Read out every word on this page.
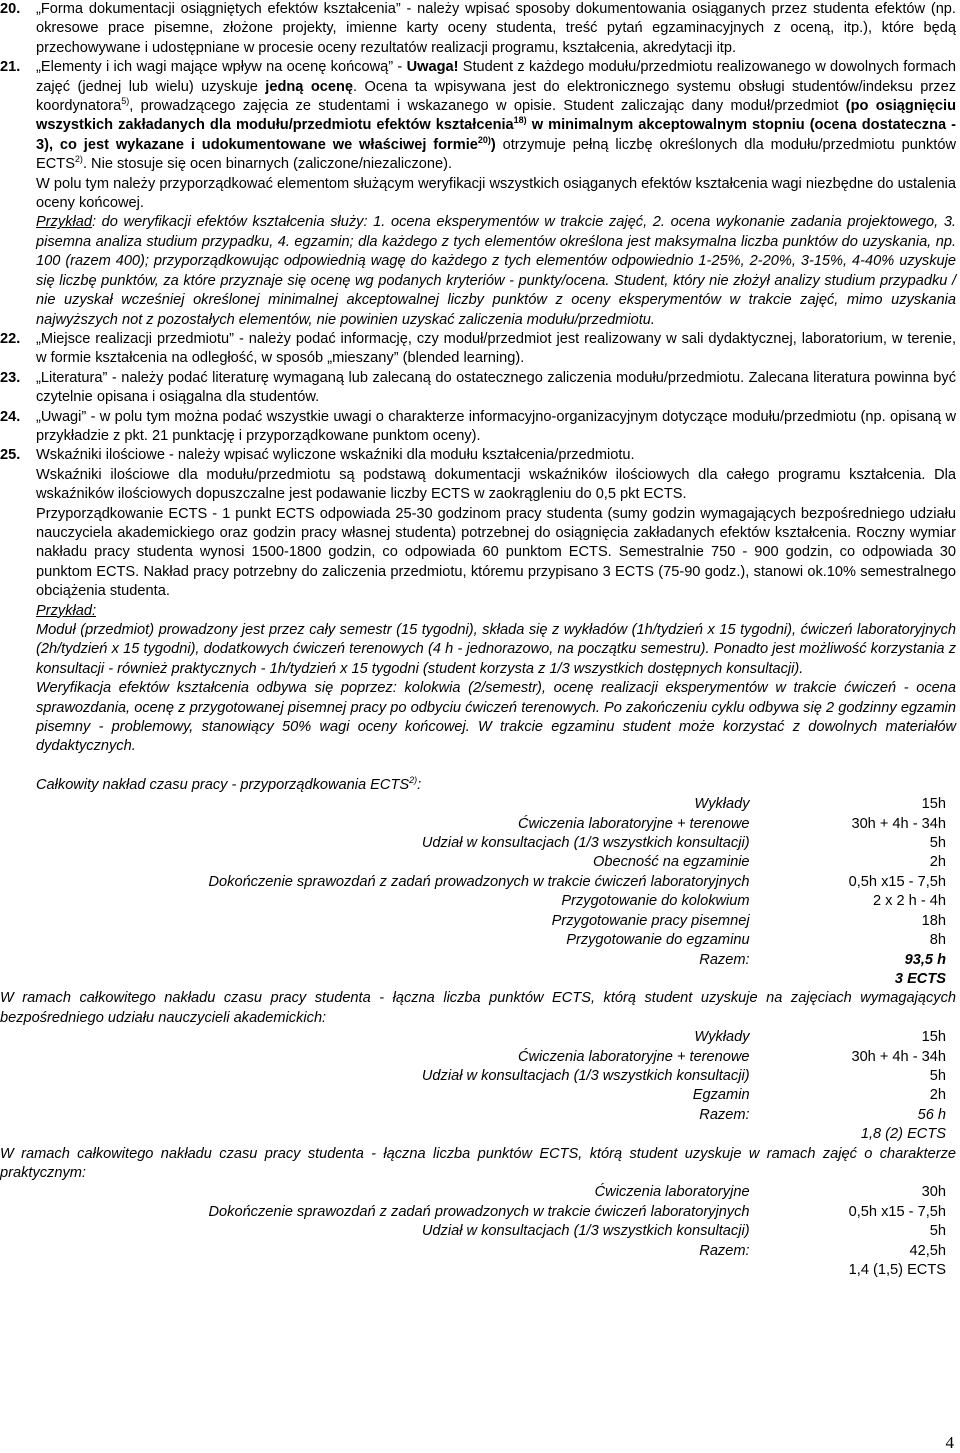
20.	„Forma dokumentacji osiągniętych efektów kształcenia” - należy wpisać sposoby dokumentowania osiąganych przez studenta efektów (np. okresowe prace pisemne, złożone projekty, imienne karty oceny studenta, treść pytań egzaminacyjnych z oceną, itp.), które będą przechowywane i udostępniane w procesie oceny rezultatów realizacji programu, kształcenia, akredytacji itp.

21.	„Elementy i ich wagi mające wpływ na ocenę końcową” - Uwaga! Student z każdego modułu/przedmiotu realizowanego w dowolnych formach zajęć (jednej lub wielu) uzyskuje jedną ocenę. Ocena ta wpisywana jest do elektronicznego systemu obsługi studentów/indeksu przez koordynatora$^{5)}$, prowadzącego zajęcia ze studentami i wskazanego w opisie. Student zaliczając dany moduł/przedmiot (po osiągnięciu wszystkich zakładanych dla modułu/przedmiotu efektów kształcenia$^{18)}$ w minimalnym akceptowalnym stopniu (ocena dostateczna - 3), co jest wykazane i udokumentowane we właściwej formie$^{20)}$) otrzymuje pełną liczbę określonych dla modułu/przedmiotu punktów ECTS$^{2)}$. Nie stosuje się ocen binarnych (zaliczone/niezaliczone).

W polu tym należy przyporządkować elementom służącym weryfikacji wszystkich osiąganych efektów kształcenia wagi niezbędne do ustalenia oceny końcowej.

Przykład: do weryfikacji efektów kształcenia służy: 1. ocena eksperymentów w trakcie zajęć, 2. ocena wykonanie zadania projektowego, 3. pisemna analiza studium przypadku, 4. egzamin; dla każdego z tych elementów określona jest maksymalna liczba punktów do uzyskania, np. 100 (razem 400); przyporządkowując odpowiednią wagę do każdego z tych elementów odpowiednio 1-25%, 2-20%, 3-15%, 4-40% uzyskuje się liczbę punktów, za które przyznaje się ocenę wg podanych kryteriów - punkty/ocena. Student, który nie złożył analizy studium przypadku / nie uzyskał wcześniej określonej minimalnej akceptowalnej liczby punktów z oceny eksperymentów w trakcie zajęć, mimo uzyskania najwyższych not z pozostałych elementów, nie powinien uzyskać zaliczenia modułu/przedmiotu.

22.	„Miejsce realizacji przedmiotu” - należy podać informację, czy moduł/przedmiot jest realizowany w sali dydaktycznej, laboratorium, w terenie, w formie kształcenia na odległość, w sposób „mieszany” (blended learning).

23.	„Literatura” - należy podać literaturę wymaganą lub zalecaną do ostatecznego zaliczenia modułu/przedmiotu. Zalecana literatura powinna być czytelnie opisana i osiągalna dla studentów.

24.	„Uwagi” - w polu tym można podać wszystkie uwagi o charakterze informacyjno-organizacyjnym dotyczące modułu/przedmiotu (np. opisaną w przykładzie z pkt. 21 punktację i przyporządkowane punktom oceny).

25.	Wskaźniki ilościowe - należy wpisać wyliczone wskaźniki dla modułu kształcenia/przedmiotu.

Wskaźniki ilościowe dla modułu/przedmiotu są podstawą dokumentacji wskaźników ilościowych dla całego programu kształcenia. Dla wskaźników ilościowych dopuszczalne jest podawanie liczby ECTS w zaokrągleniu do 0,5 pkt ECTS.

Przyporządkowanie ECTS - 1 punkt ECTS odpowiada 25-30 godzinom pracy studenta (sumy godzin wymagających bezpośredniego udziału nauczyciela akademickiego oraz godzin pracy własnej studenta) potrzebnej do osiągnięcia zakładanych efektów kształcenia. Roczny wymiar nakładu pracy studenta wynosi 1500-1800 godzin, co odpowiada 60 punktom ECTS. Semestralnie 750 - 900 godzin, co odpowiada 30 punktom ECTS. Nakład pracy potrzebny do zaliczenia przedmiotu, któremu przypisano 3 ECTS (75-90 godz.), stanowi ok.10% semestralnego obciążenia studenta.

Przykład:

Moduł (przedmiot) prowadzony jest przez cały semestr (15 tygodni), składa się z wykładów (1h/tydzień x 15 tygodni), ćwiczeń laboratoryjnych (2h/tydzień x 15 tygodni), dodatkowych ćwiczeń terenowych (4 h - jednorazowo, na początku semestru). Ponadto jest możliwość korzystania z konsultacji - również praktycznych - 1h/tydzień x 15 tygodni (student korzysta z 1/3 wszystkich dostępnych konsultacji).

Weryfikacja efektów kształcenia odbywa się poprzez: kolokwia (2/semestr), ocenę realizacji eksperymentów w trakcie ćwiczeń - ocena sprawozdania, ocenę z przygotowanej pisemnej pracy po odbyciu ćwiczeń terenowych. Po zakończeniu cyklu odbywa się 2 godzinny egzamin pisemny - problemowy, stanowiący 50% wagi oceny końcowej. W trakcie egzaminu student może korzystać z dowolnych materiałów dydaktycznych.

Całkowity nakład czasu pracy - przyporządkowania ECTS$^{2)}$:

Wykłady	15h
Ćwiczenia laboratoryjne + terenowe	30h + 4h - 34h
Udział w konsultacjach (1/3 wszystkich konsultacji)	5h
Obecność na egzaminie	2h
Dokończenie sprawozdań z zadań prowadzonych w trakcie ćwiczeń laboratoryjnych	0,5h x15 - 7,5h
Przygotowanie do kolokwium	2 x 2 h - 4h
Przygotowanie pracy pisemnej	18h
Przygotowanie do egzaminu	8h
Razem:	93,5 h
	3 ECTS

W ramach całkowitego nakładu czasu pracy studenta - łączna liczba punktów ECTS, którą student uzyskuje na zajęciach wymagających bezpośredniego udziału nauczycieli akademickich:

Wykłady	15h
Ćwiczenia laboratoryjne + terenowe	30h + 4h - 34h
Udział w konsultacjach (1/3 wszystkich konsultacji)	5h
Egzamin	2h
Razem:	56 h
	1,8 (2) ECTS

W ramach całkowitego nakładu czasu pracy studenta - łączna liczba punktów ECTS, którą student uzyskuje w ramach zajęć o charakterze praktycznym:

Ćwiczenia laboratoryjne	30h
Dokończenie sprawozdań z zadań prowadzonych w trakcie ćwiczeń laboratoryjnych	0,5h x15 - 7,5h
Udział w konsultacjach (1/3 wszystkich konsultacji)	5h
Razem:	42,5h
	1,4 (1,5) ECTS
4
